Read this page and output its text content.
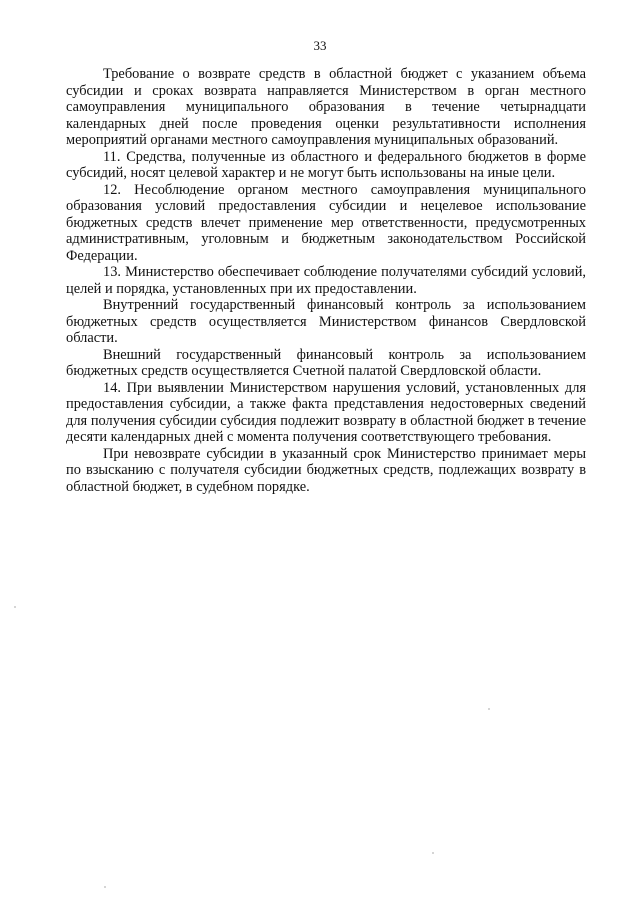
33

Требование о возврате средств в областной бюджет с указанием объема субсидии и сроках возврата направляется Министерством в орган местного самоуправления муниципального образования в течение четырнадцати календарных дней после проведения оценки результативности исполнения мероприятий органами местного самоуправления муниципальных образований.

11. Средства, полученные из областного и федерального бюджетов в форме субсидий, носят целевой характер и не могут быть использованы на иные цели.

12. Несоблюдение органом местного самоуправления муниципального образования условий предоставления субсидии и нецелевое использование бюджетных средств влечет применение мер ответственности, предусмотренных административным, уголовным и бюджетным законодательством Российской Федерации.

13. Министерство обеспечивает соблюдение получателями субсидий условий, целей и порядка, установленных при их предоставлении.

Внутренний государственный финансовый контроль за использованием бюджетных средств осуществляется Министерством финансов Свердловской области.

Внешний государственный финансовый контроль за использованием бюджетных средств осуществляется Счетной палатой Свердловской области.

14. При выявлении Министерством нарушения условий, установленных для предоставления субсидии, а также факта представления недостоверных сведений для получения субсидии субсидия подлежит возврату в областной бюджет в течение десяти календарных дней с момента получения соответствующего требования.

При невозврате субсидии в указанный срок Министерство принимает меры по взысканию с получателя субсидии бюджетных средств, подлежащих возврату в областной бюджет, в судебном порядке.
